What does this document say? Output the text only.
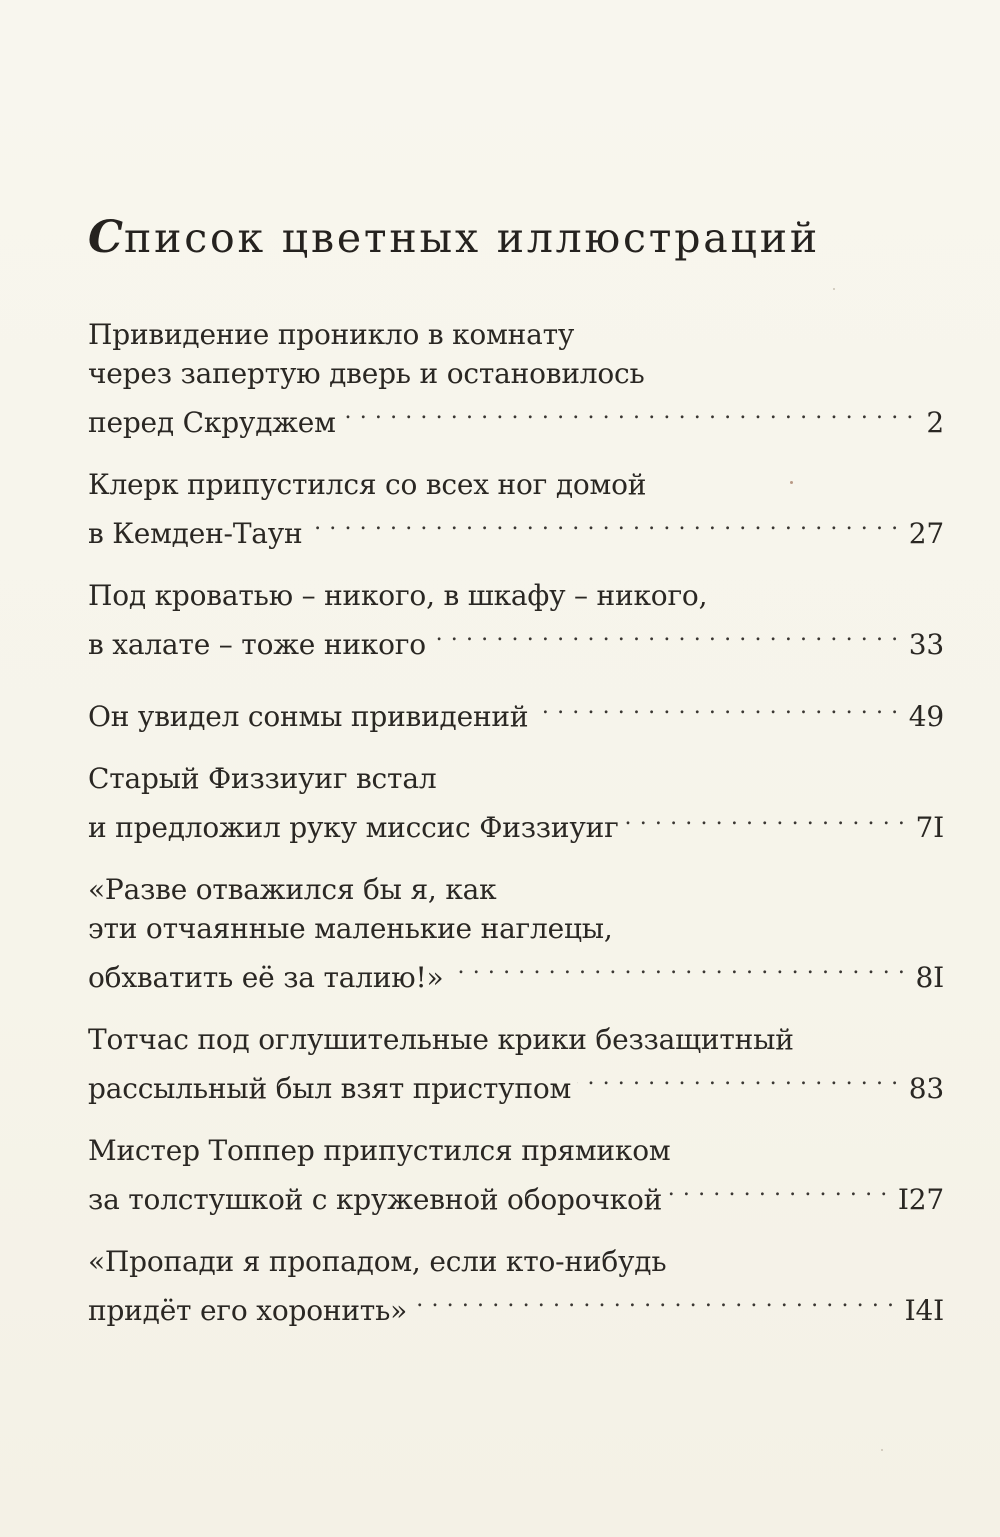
Список цветных иллюстраций
Привидение проникло в комнату
через запертую дверь и остановилось
перед Скруджем . . .	2
Клерк припустился со всех ног домой
в Кемден-Таун . . .	27
Под кроватью – никого, в шкафу – никого,
в халате – тоже никого . . .	33
Он увидел сонмы привидений . . .	49
Старый Физзиуиг встал
и предложил руку миссис Физзиуиг . . .	7I
«Разве отважился бы я, как
эти отчаянные маленькие наглецы,
обхватить её за талию!» . . .	8I
Тотчас под оглушительные крики беззащитный
рассыльный был взят приступом . . .	83
Мистер Топпер припустился прямиком
за толстушкой с кружевной оборочкой . . .	I27
«Пропади я пропадом, если кто-нибудь
придёт его хоронить» . . .	I4I
